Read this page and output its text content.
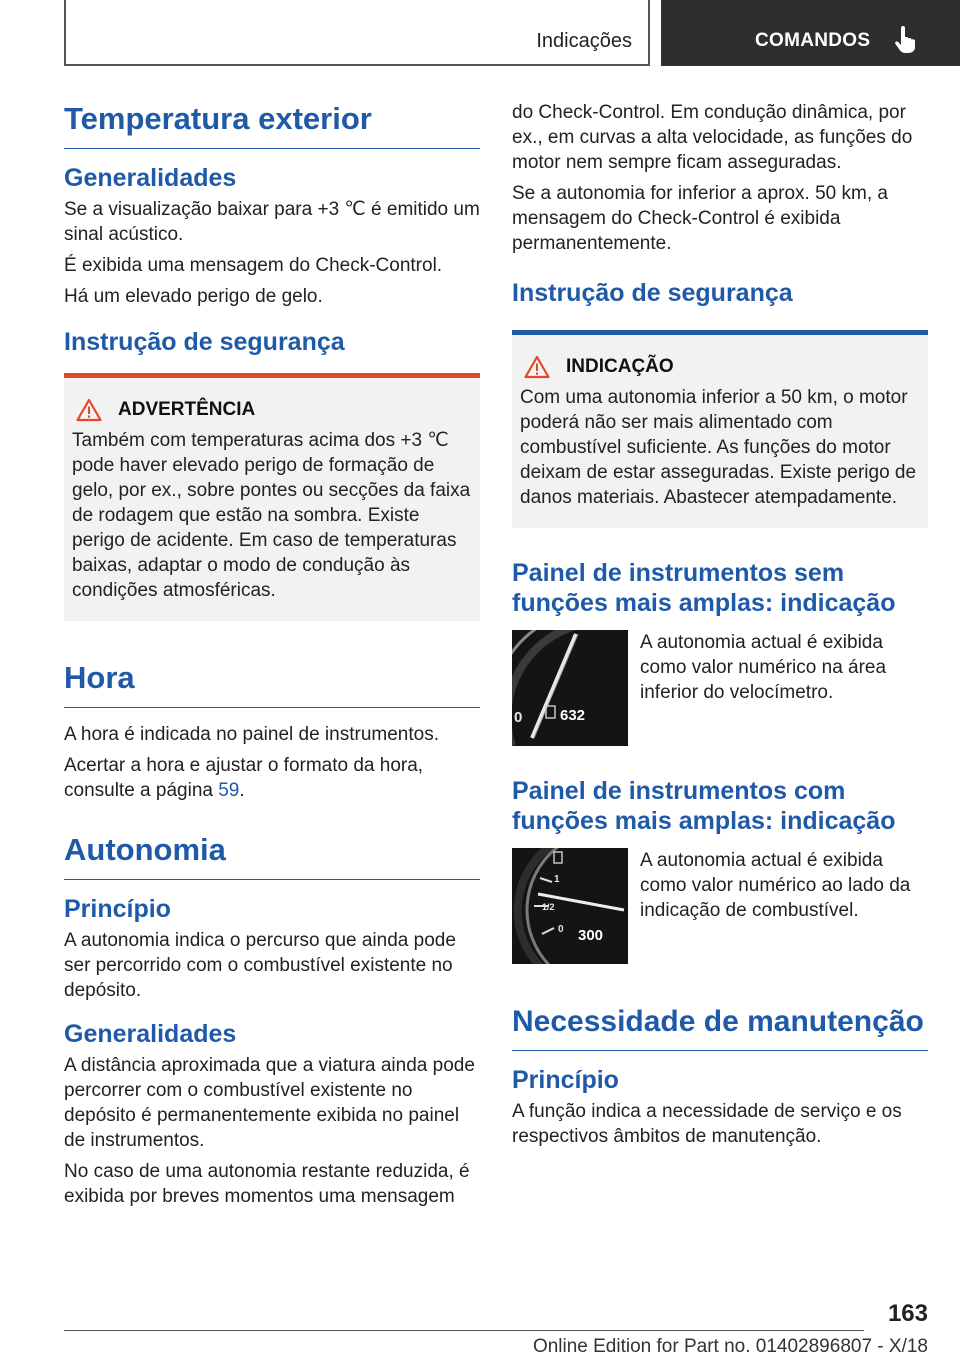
Indicações	COMANDOS
Temperatura exterior
Generalidades
Se a visualização baixar para +3 ℃ é emitido um sinal acústico.
É exibida uma mensagem do Check-Control.
Há um elevado perigo de gelo.
Instrução de segurança
ADVERTÊNCIA
Também com temperaturas acima dos +3 ℃ pode haver elevado perigo de formação de gelo, por ex., sobre pontes ou secções da faixa de rodagem que estão na sombra. Existe perigo de acidente. Em caso de temperaturas baixas, adaptar o modo de condução às condições atmosféricas.
Hora
A hora é indicada no painel de instrumentos.
Acertar a hora e ajustar o formato da hora, consulte a página 59.
Autonomia
Princípio
A autonomia indica o percurso que ainda pode ser percorrido com o combustível existente no depósito.
Generalidades
A distância aproximada que a viatura ainda pode percorrer com o combustível existente no depósito é permanentemente exibida no painel de instrumentos.
No caso de uma autonomia restante reduzida, é exibida por breves momentos uma mensagem
do Check-Control. Em condução dinâmica, por ex., em curvas a alta velocidade, as funções do motor nem sempre ficam asseguradas.
Se a autonomia for inferior a aprox. 50 km, a mensagem do Check-Control é exibida permanentemente.
Instrução de segurança
INDICAÇÃO
Com uma autonomia inferior a 50 km, o motor poderá não ser mais alimentado com combustível suficiente. As funções do motor deixam de estar asseguradas. Existe perigo de danos materiais. Abastecer atempadamente.
Painel de instrumentos sem funções mais amplas: indicação
0	632
A autonomia actual é exibida como valor numérico na área inferior do velocímetro.
Painel de instrumentos com funções mais amplas: indicação
1
1/2
0 300
A autonomia actual é exibida como valor numérico ao lado da indicação de combustível.
Necessidade de manutenção
Princípio
A função indica a necessidade de serviço e os respectivos âmbitos de manutenção.
163
Online Edition for Part no. 01402896807 - X/18
